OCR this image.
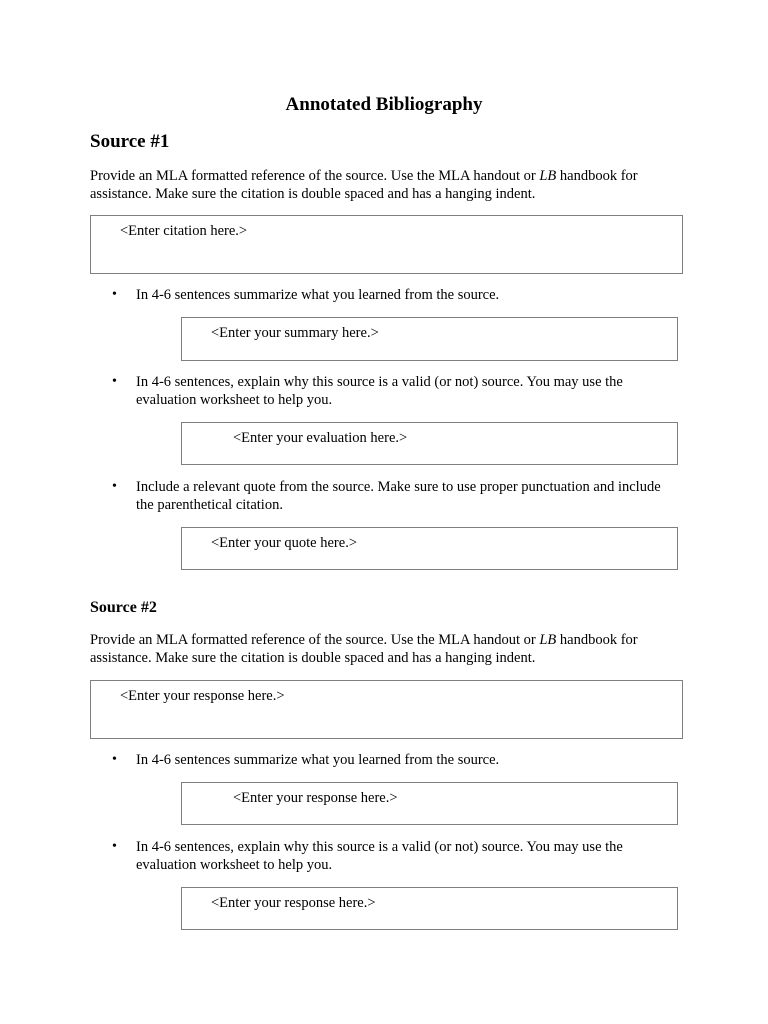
Annotated Bibliography
Source #1
Provide an MLA formatted reference of the source. Use the MLA handout or LB handbook for assistance. Make sure the citation is double spaced and has a hanging indent.
<Enter citation here.>
•	In 4-6 sentences summarize what you learned from the source.
<Enter your summary here.>
•	In 4-6 sentences, explain why this source is a valid (or not) source. You may use the evaluation worksheet to help you.
<Enter your evaluation here.>
•	Include a relevant quote from the source. Make sure to use proper punctuation and include the parenthetical citation.
<Enter your quote here.>
Source #2
Provide an MLA formatted reference of the source. Use the MLA handout or LB handbook for assistance. Make sure the citation is double spaced and has a hanging indent.
<Enter your response here.>
•	In 4-6 sentences summarize what you learned from the source.
<Enter your response here.>
•	In 4-6 sentences, explain why this source is a valid (or not) source. You may use the evaluation worksheet to help you.
<Enter your response here.>
